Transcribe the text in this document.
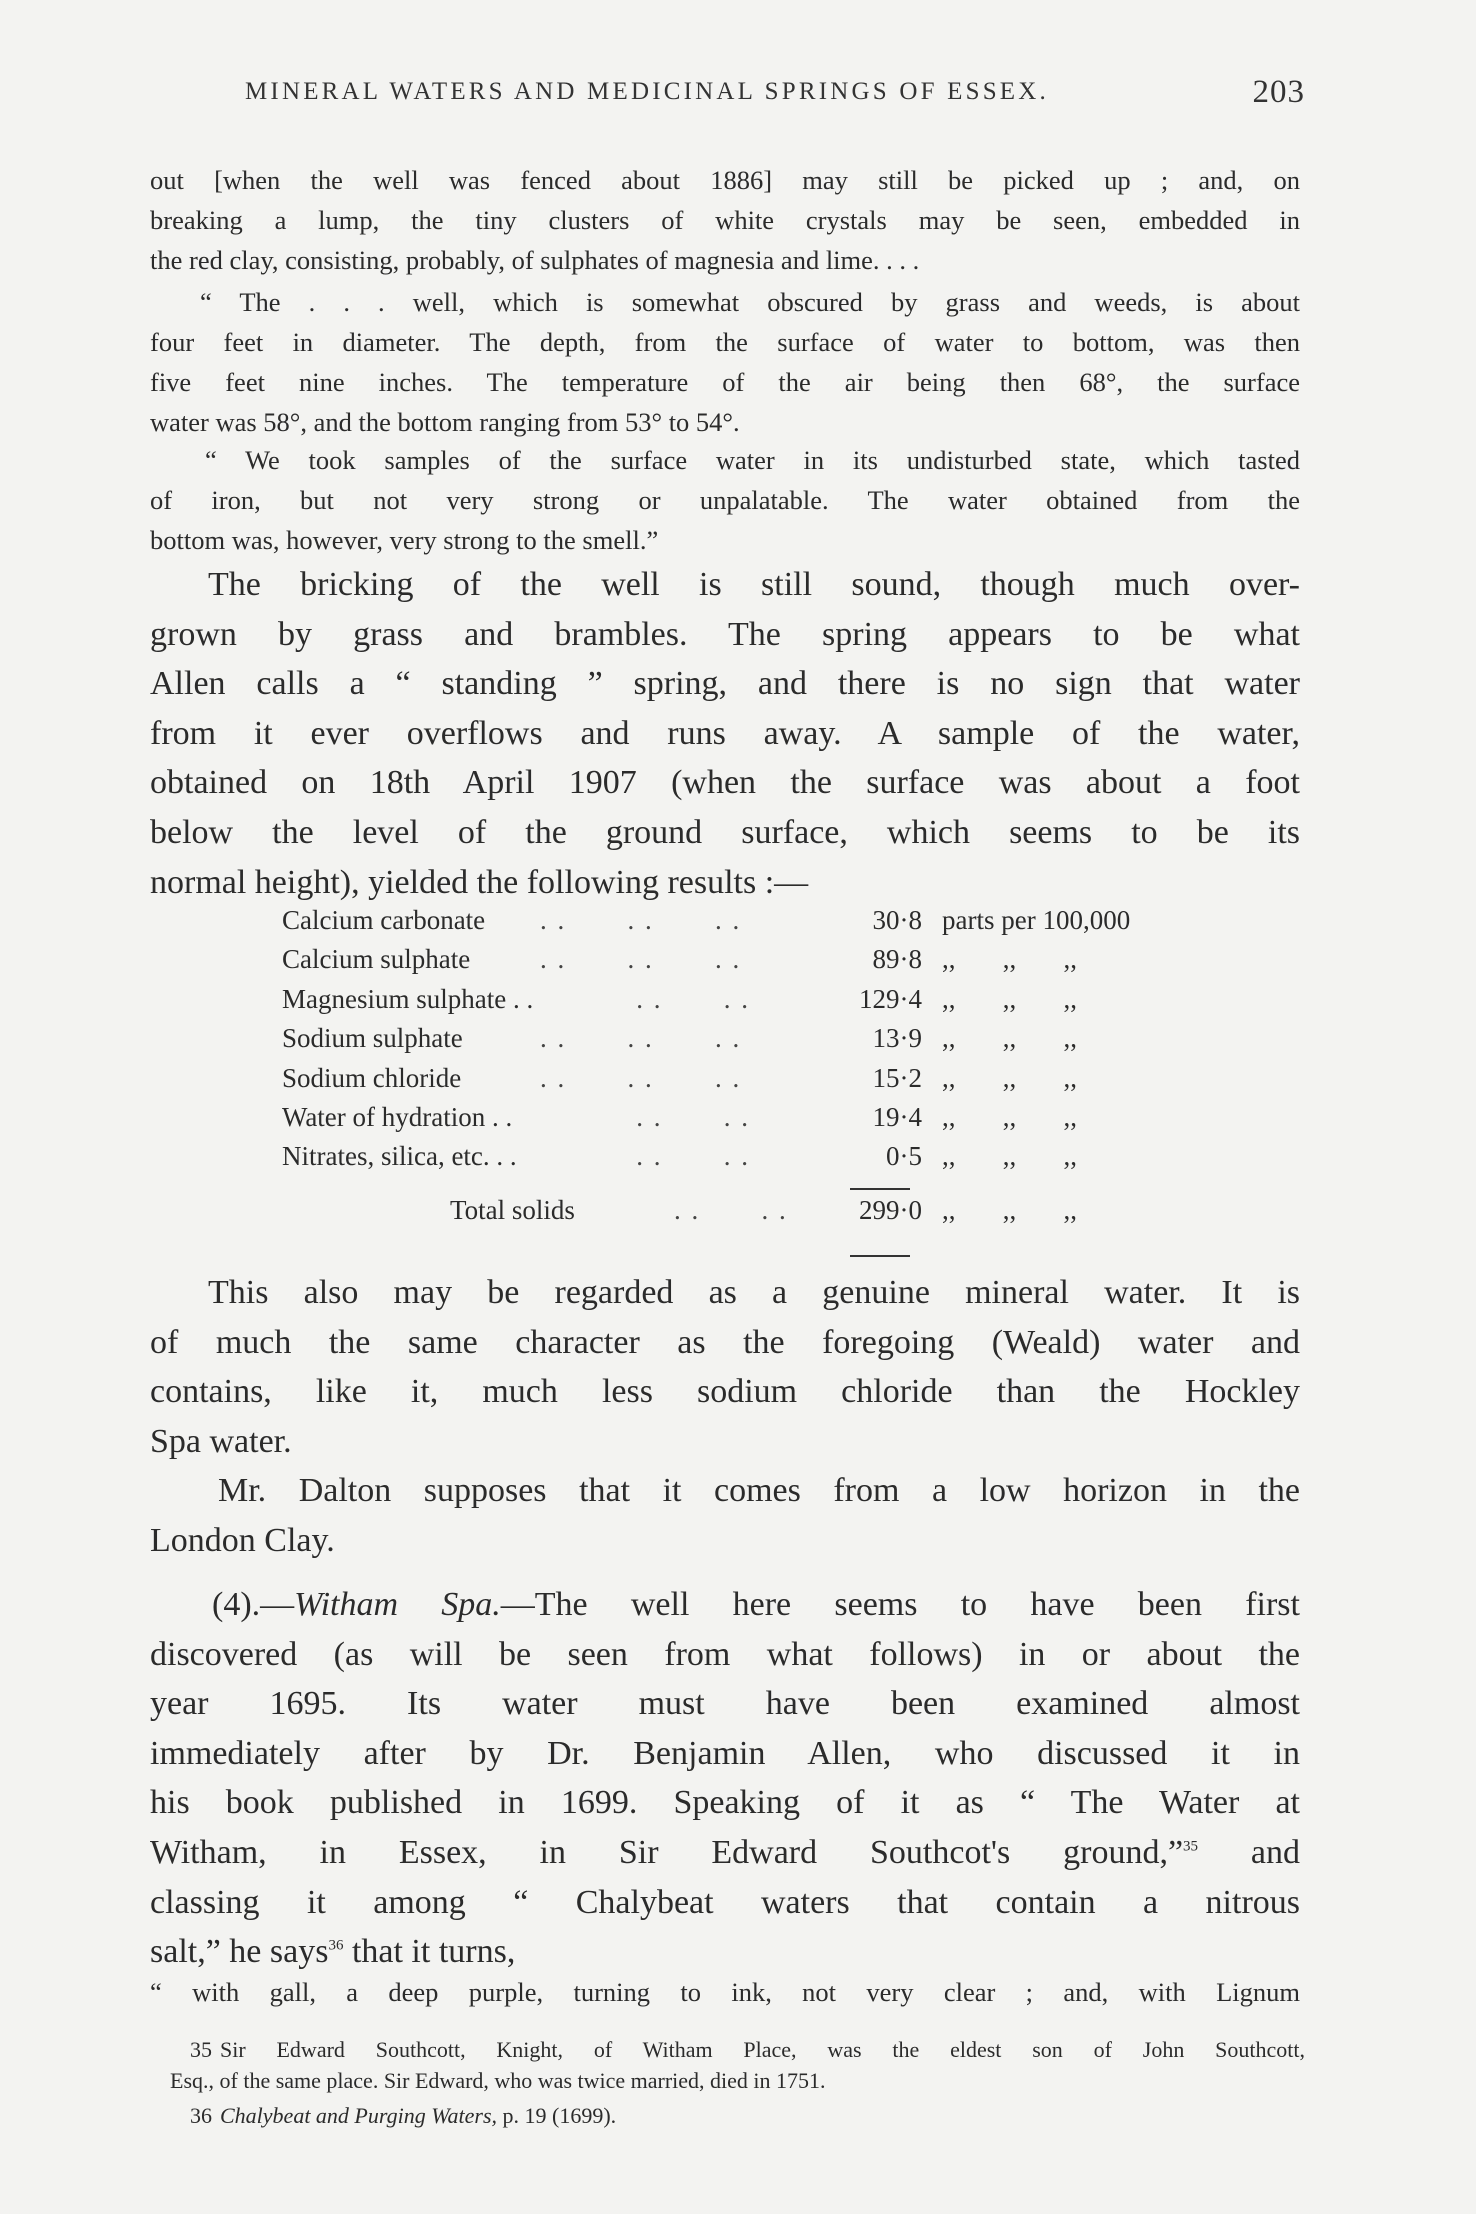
MINERAL WATERS AND MEDICINAL SPRINGS OF ESSEX.	203
out [when the well was fenced about 1886] may still be picked up ; and, on
breaking a lump, the tiny clusters of white crystals may be seen, embedded in
the red clay, consisting, probably, of sulphates of magnesia and lime. . . .
“ The . . . well, which is somewhat obscured by grass and weeds, is about
four feet in diameter. The depth, from the surface of water to bottom, was then
five feet nine inches. The temperature of the air being then 68°, the surface
water was 58°, and the bottom ranging from 53° to 54°.
“ We took samples of the surface water in its undisturbed state, which tasted
of iron, but not very strong or unpalatable. The water obtained from the
bottom was, however, very strong to the smell.”
The bricking of the well is still sound, though much over-
grown by grass and brambles. The spring appears to be what
Allen calls a “ standing ” spring, and there is no sign that water
from it ever overflows and runs away. A sample of the water,
obtained on 18th April 1907 (when the surface was about a foot
below the level of the ground surface, which seems to be its
normal height), yielded the following results :—
Calcium carbonate . .       . .       . .	30·8 parts per 100,000
Calcium sulphate	. .       . .       . .	89·8 ,,       ,,       ,,
Magnesium sulphate . . . .       . .	129·4 ,,       ,,       ,,
Sodium sulphate	. .       . .       . .	13·9 ,,       ,,       ,,
Sodium chloride	. .       . .       . .	15·2 ,,       ,,       ,,
Water of hydration . . . .       . .	19·4 ,,       ,,       ,,
Nitrates, silica, etc. . . . .       . .	0·5 ,,       ,,       ,,
Total solids	. .       . .	299·0 ,,       ,,       ,,
This also may be regarded as a genuine mineral water. It is
of much the same character as the foregoing (Weald) water and
contains, like it, much less sodium chloride than the Hockley
Spa water.
Mr. Dalton supposes that it comes from a low horizon in the
London Clay.
(4).—Witham Spa.—The well here seems to have been first
discovered (as will be seen from what follows) in or about the
year 1695. Its water must have been examined almost
immediately after by Dr. Benjamin Allen, who discussed it in
his book published in 1699. Speaking of it as “ The Water at
Witham, in Essex, in Sir Edward Southcot's ground,”$^{35}$ and
classing it among “ Chalybeat waters that contain a nitrous
salt,” he says$^{36}$ that it turns,
“ with gall, a deep purple, turning to ink, not very clear ; and, with Lignum
35 Sir Edward Southcott, Knight, of Witham Place, was the eldest son of John Southcott,
Esq., of the same place. Sir Edward, who was twice married, died in 1751.
36 Chalybeat and Purging Waters, p. 19 (1699).
